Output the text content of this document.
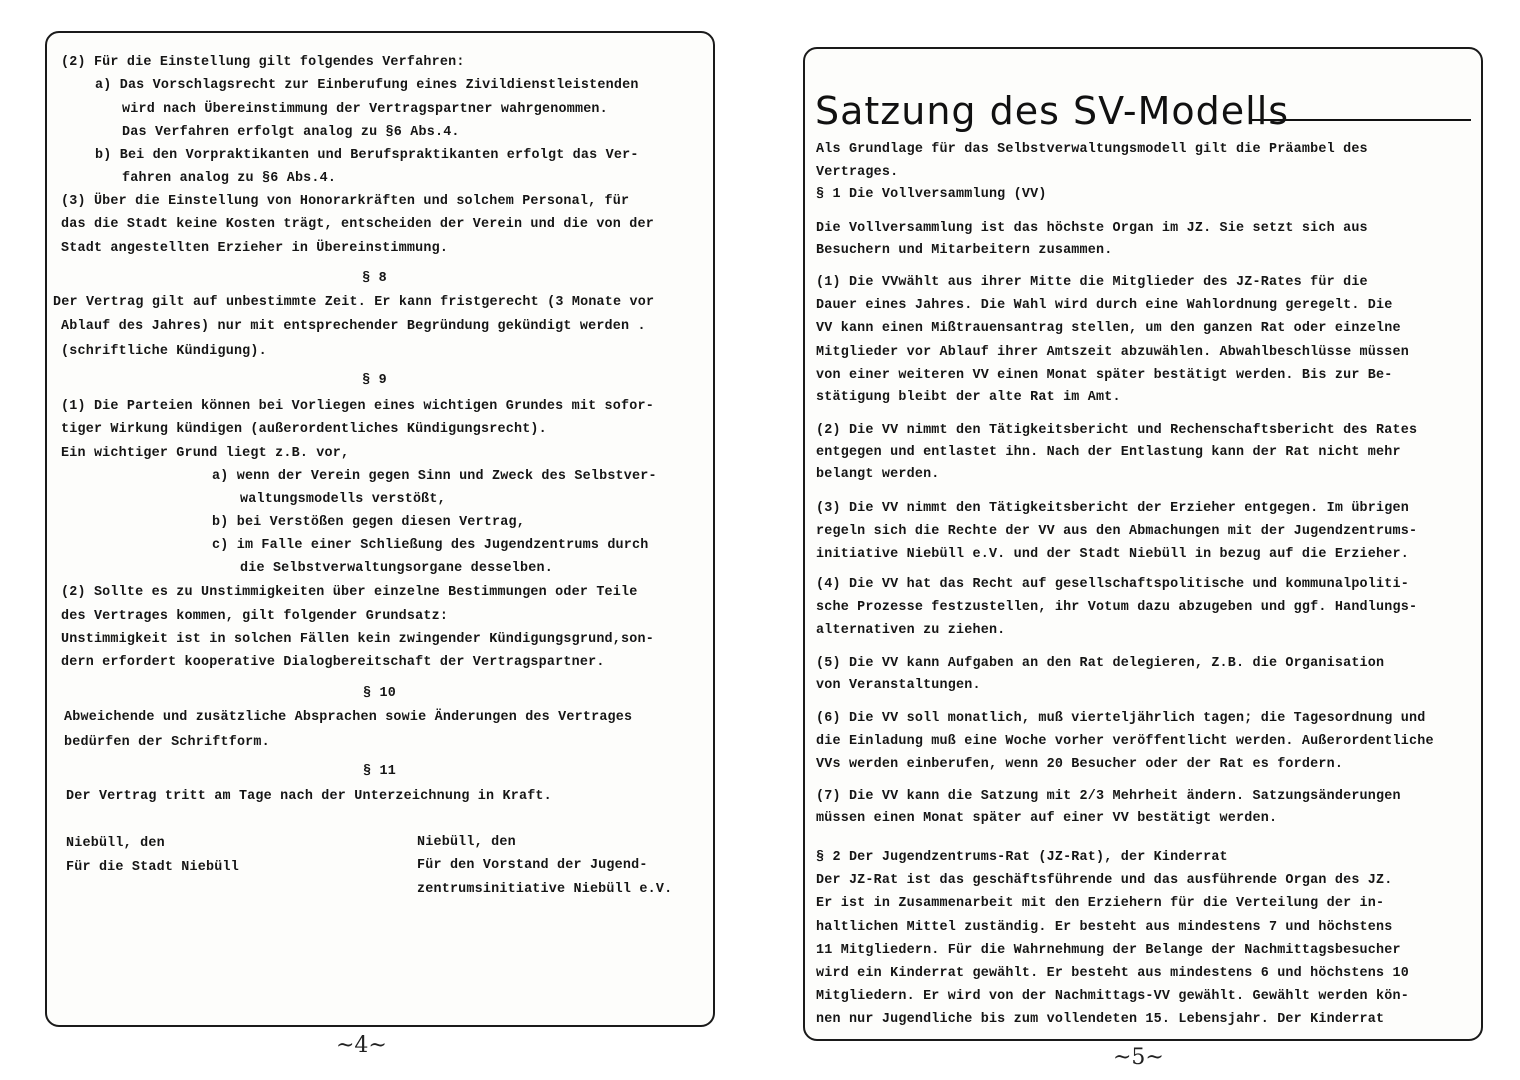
(2) Für die Einstellung gilt folgendes Verfahren:
a) Das Vorschlagsrecht zur Einberufung eines Zivildienstleistenden
wird nach Übereinstimmung der Vertragspartner wahrgenommen.
Das Verfahren erfolgt analog zu §6 Abs.4.
b) Bei den Vorpraktikanten und Berufspraktikanten erfolgt das Ver-
fahren analog zu §6 Abs.4.
(3) Über die Einstellung von Honorarkräften und solchem Personal, für
das die Stadt keine Kosten trägt, entscheiden der Verein und die von der
Stadt angestellten Erzieher in Übereinstimmung.
§ 8
Der Vertrag gilt auf unbestimmte Zeit. Er kann fristgerecht (3 Monate vor
Ablauf des Jahres) nur mit entsprechender Begründung gekündigt werden .
(schriftliche Kündigung).
§ 9
(1) Die Parteien können bei Vorliegen eines wichtigen Grundes mit sofor-
tiger Wirkung kündigen (außerordentliches Kündigungsrecht).
Ein wichtiger Grund liegt z.B. vor,
a) wenn der Verein gegen Sinn und Zweck des Selbstver-
waltungsmodells verstößt,
b) bei Verstößen gegen diesen Vertrag,
c) im Falle einer Schließung des Jugendzentrums durch
die Selbstverwaltungsorgane desselben.
(2) Sollte es zu Unstimmigkeiten über einzelne Bestimmungen oder Teile
des Vertrages kommen, gilt folgender Grundsatz:
Unstimmigkeit ist in solchen Fällen kein zwingender Kündigungsgrund,son-
dern erfordert kooperative Dialogbereitschaft der Vertragspartner.
§ 10
Abweichende und zusätzliche Absprachen sowie Änderungen des Vertrages
bedürfen der Schriftform.
§ 11
Der Vertrag tritt am Tage nach der Unterzeichnung in Kraft.
Niebüll, den
Für die Stadt Niebüll
Niebüll, den
Für den Vorstand der Jugend-
zentrumsinitiative Niebüll e.V.
~4~
Satzung des SV-Modells
Als Grundlage für das Selbstverwaltungsmodell gilt die Präambel des
Vertrages.
§ 1 Die Vollversammlung (VV)
Die Vollversammlung ist das höchste Organ im JZ. Sie setzt sich aus
Besuchern und Mitarbeitern zusammen.
(1) Die VVwählt aus ihrer Mitte die Mitglieder des JZ-Rates für die
Dauer eines Jahres. Die Wahl wird durch eine Wahlordnung geregelt. Die
VV kann einen Mißtrauensantrag stellen, um den ganzen Rat oder einzelne
Mitglieder vor Ablauf ihrer Amtszeit abzuwählen. Abwahlbeschlüsse müssen
von einer weiteren VV einen Monat später bestätigt werden. Bis zur Be-
stätigung bleibt der alte Rat im Amt.
(2) Die VV nimmt den Tätigkeitsbericht und Rechenschaftsbericht des Rates
entgegen und entlastet ihn. Nach der Entlastung kann der Rat nicht mehr
belangt werden.
(3) Die VV nimmt den Tätigkeitsbericht der Erzieher entgegen. Im übrigen
regeln sich die Rechte der VV aus den Abmachungen mit der Jugendzentrums-
initiative Niebüll e.V. und der Stadt Niebüll in bezug auf die Erzieher.
(4) Die VV hat das Recht auf gesellschaftspolitische und kommunalpoliti-
sche Prozesse festzustellen, ihr Votum dazu abzugeben und ggf. Handlungs-
alternativen zu ziehen.
(5) Die VV kann Aufgaben an den Rat delegieren, Z.B. die Organisation
von Veranstaltungen.
(6) Die VV soll monatlich, muß vierteljährlich tagen; die Tagesordnung und
die Einladung muß eine Woche vorher veröffentlicht werden. Außerordentliche
VVs werden einberufen, wenn 20 Besucher oder der Rat es fordern.
(7) Die VV kann die Satzung mit 2/3 Mehrheit ändern. Satzungsänderungen
müssen einen Monat später auf einer VV bestätigt werden.
§ 2 Der Jugendzentrums-Rat (JZ-Rat), der Kinderrat
Der JZ-Rat ist das geschäftsführende und das ausführende Organ des JZ.
Er ist in Zusammenarbeit mit den Erziehern für die Verteilung der in-
haltlichen Mittel zuständig. Er besteht aus mindestens 7 und höchstens
11 Mitgliedern. Für die Wahrnehmung der Belange der Nachmittagsbesucher
wird ein Kinderrat gewählt. Er besteht aus mindestens 6 und höchstens 10
Mitgliedern. Er wird von der Nachmittags-VV gewählt. Gewählt werden kön-
nen nur Jugendliche bis zum vollendeten 15. Lebensjahr. Der Kinderrat
~5~
